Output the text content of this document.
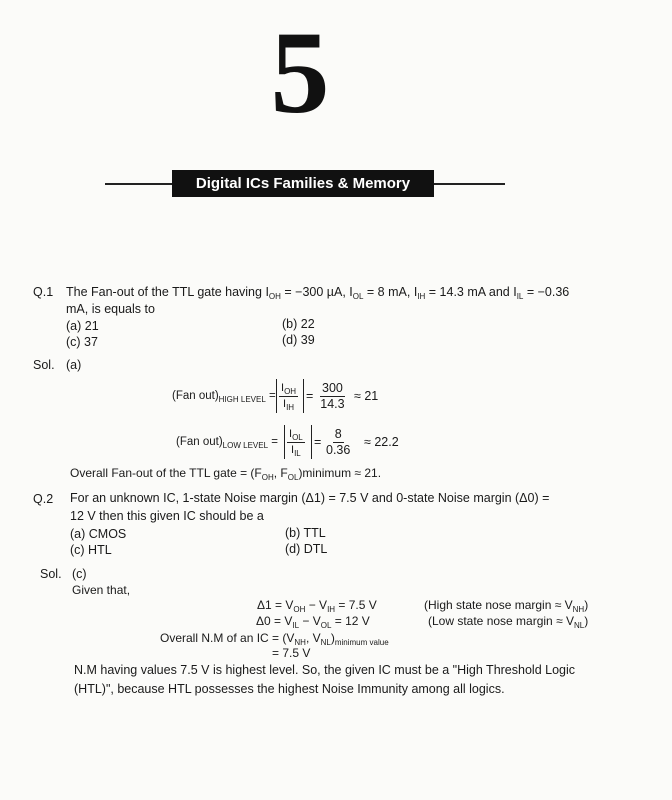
5
Digital ICs Families & Memory
Q.1 The Fan-out of the TTL gate having $I_{OH} = -300$ µA, $I_{OL} = 8$ mA, $I_{IH} = 14.3$ mA and $I_{IL} = -0.36$
mA, is equals to
(a) 21	(b) 22
(c) 37	(d) 39
Sol. (a)
(Fan $out)_{HIGH LEVEL}$ =
$I_{OH}$
$I_{IH}$
= $\frac{300}{14.3} \approx 21$
(Fan $out)_{LOW LEVEL}$ =
$I_{OL}$
$I_{IL}$
= $\frac{8}{0.36} \approx 22.2$
Overall Fan-out of the TTL gate = ($F_{OH}$, $F_{OL})minimum \approx 21$.
Q.2 For an unknown IC, 1-state Noise margin (Δ1) = 7.5 V and 0-state Noise margin (Δ0) =
12 V then this given IC should be a
(a) CMOS	(b) TTL
(c) HTL	(d) DTL
Sol. (c)
Given that,
$\Delta 1 = V_{OH} - V_{IH} = 7.5$ V
$\Delta 0 = V_{IL} - V_{OL} = 12$ V
(High state nose margin ≈ $V_{NH}$)
(Low state nose margin ≈ $V_{NL}$)
Overall N.M of an IC = ($V_{NH}$, $V_{NL})_{minimum value}$
= 7.5 V
N.M having values 7.5 V is highest level. So, the given IC must be a "High Threshold Logic
(HTL)", because HTL possesses the highest Noise Immunity among all logics.
